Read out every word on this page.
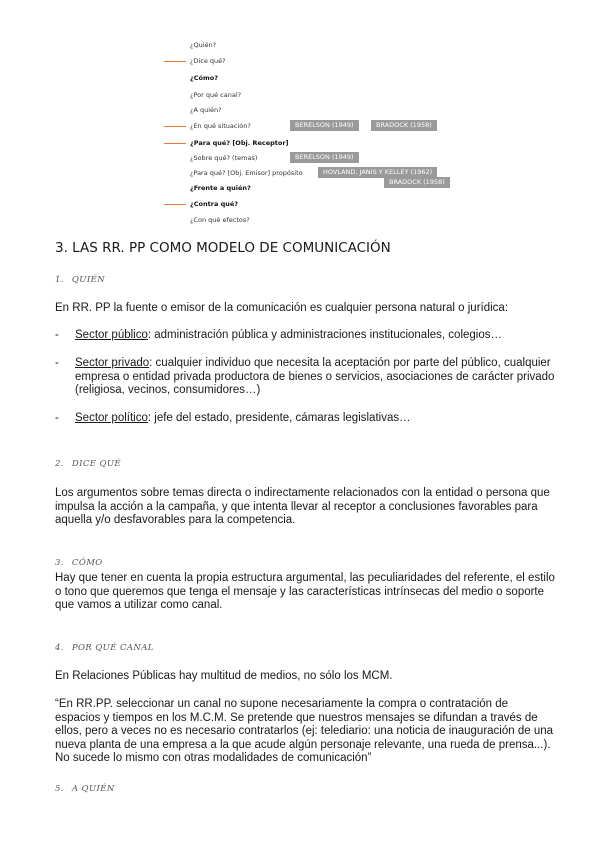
¿Quién?
¿Dice qué?
¿Cómo?
¿Por qué canal?
¿A quién?
¿En qué situación?	BERELSON (1949)	BRADOCK (1958)
¿Para qué? [Obj. Receptor]
¿Sobre qué? (temas)	BERELSON (1949)
¿Para qué? [Obj. Emisor] propósito	HOVLAND, JANIS Y KELLEY (1962)
BRADOCK (1958)
¿Frente a quién?
¿Contra qué?
¿Con qué efectos?
3. LAS RR. PP COMO MODELO DE COMUNICACIÓN
1. QUIÉN

En RR. PP la fuente o emisor de la comunicación es cualquier persona natural o jurídica:

- Sector público: administración pública y administraciones institucionales, colegios…
- Sector privado: cualquier individuo que necesita la aceptación por parte del público, cualquier empresa o entidad privada productora de bienes o servicios, asociaciones de carácter privado (religiosa, vecinos, consumidores…)
- Sector político: jefe del estado, presidente, cámaras legislativas…
2. DICE QUÉ

Los argumentos sobre temas directa o indirectamente relacionados con la entidad o persona que impulsa la acción a la campaña, y que intenta llevar al receptor a conclusiones favorables para aquella y/o desfavorables para la competencia.

3. CÓMO

Hay que tener en cuenta la propia estructura argumental, las peculiaridades del referente, el estilo o tono que queremos que tenga el mensaje y las características intrínsecas del medio o soporte que vamos a utilizar como canal.

4. POR QUÉ CANAL

En Relaciones Públicas hay multitud de medios, no sólo los MCM.

“En RR.PP. seleccionar un canal no supone necesariamente la compra o contratación de espacios y tiempos en los M.C.M. Se pretende que nuestros mensajes se difundan a través de ellos, pero a veces no es necesario contratarlos (ej: telediario: una noticia de inauguración de una nueva planta de una empresa a la que acude algún personaje relevante, una rueda de prensa...). No sucede lo mismo con otras modalidades de comunicación”

5. A QUIÉN
